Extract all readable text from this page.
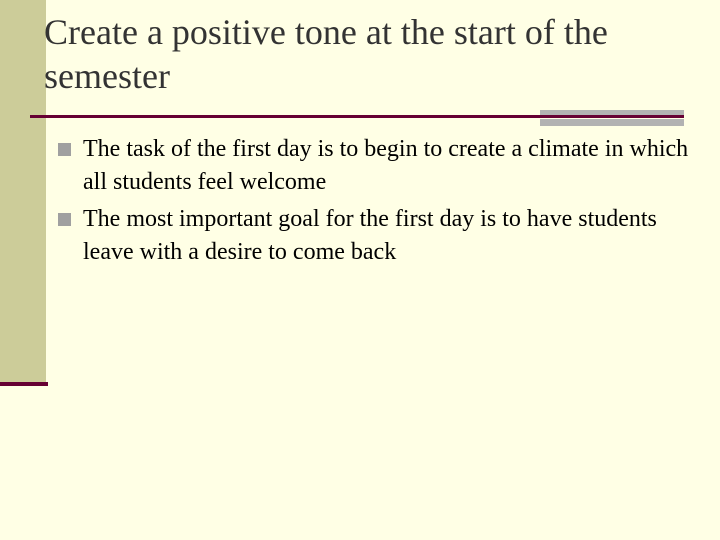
Create a positive tone at the start of the semester
The task of the first day is to begin to create a climate in which all students feel welcome
The most important goal for the first day is to have students leave with a desire to come back
